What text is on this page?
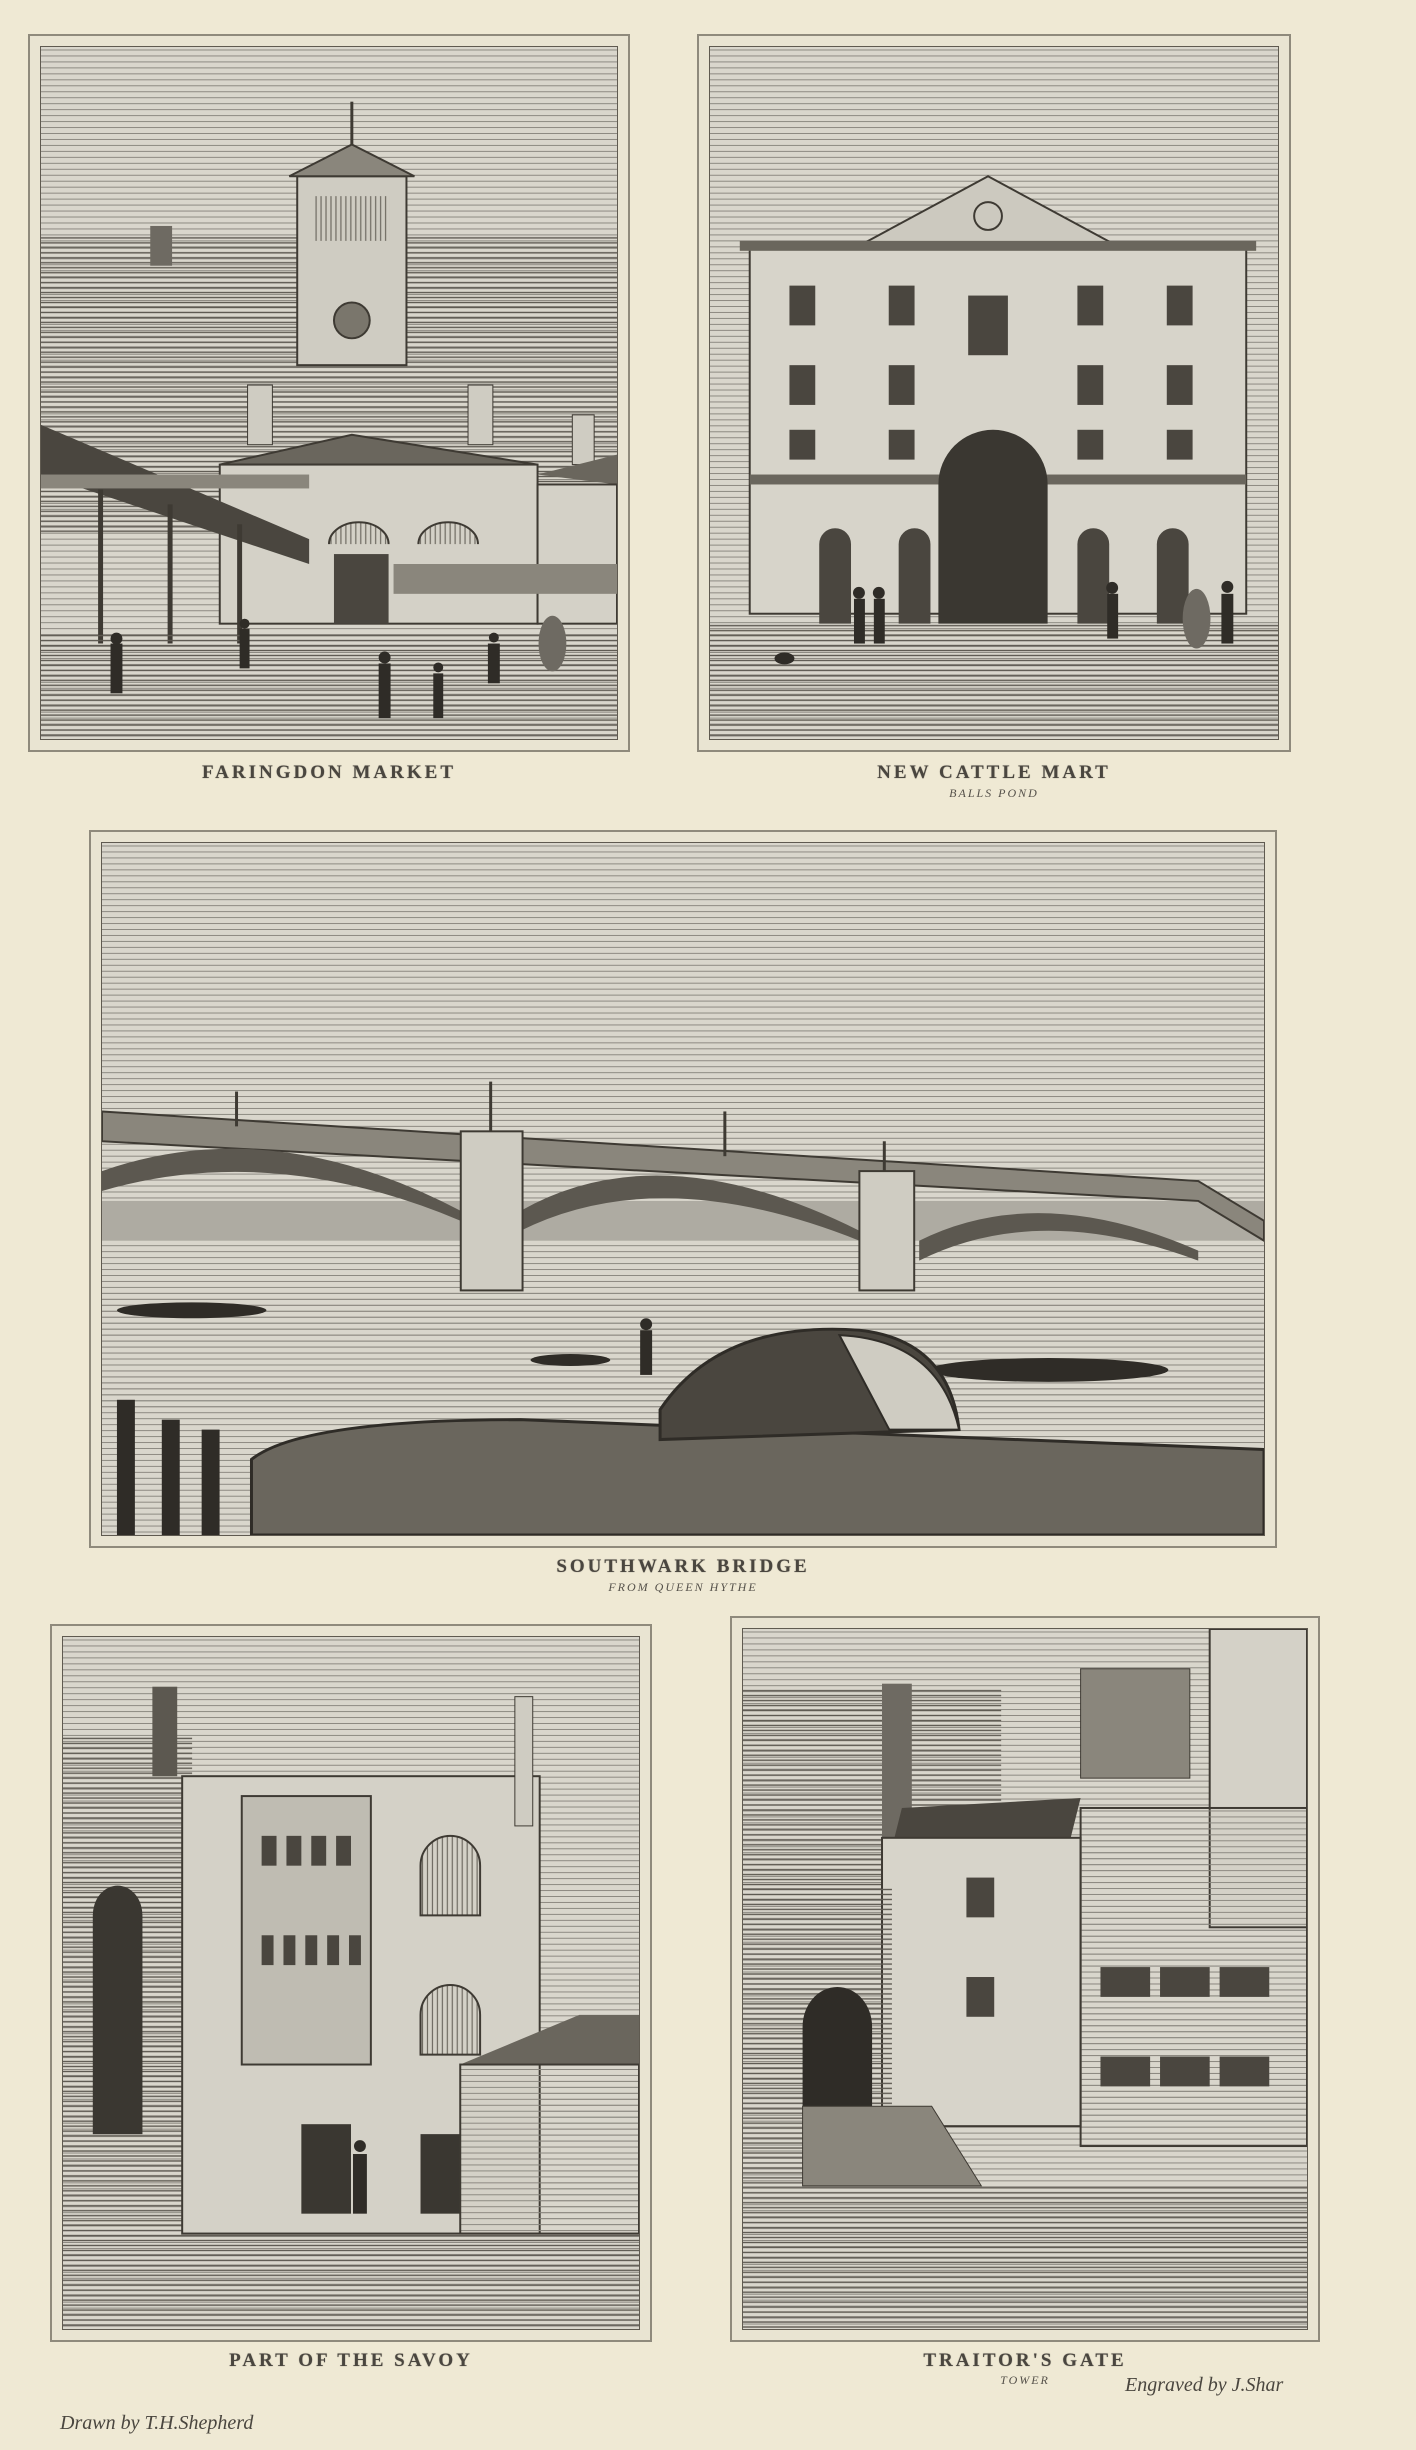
FARINGDON MARKET	NEW CATTLE MART
BALLS POND
SOUTHWARK BRIDGE
FROM QUEEN HYTHE
PART OF THE SAVOY	TRAITOR'S GATE
TOWER
Drawn by T.H.Shepherd
Engraved by J.Shar
